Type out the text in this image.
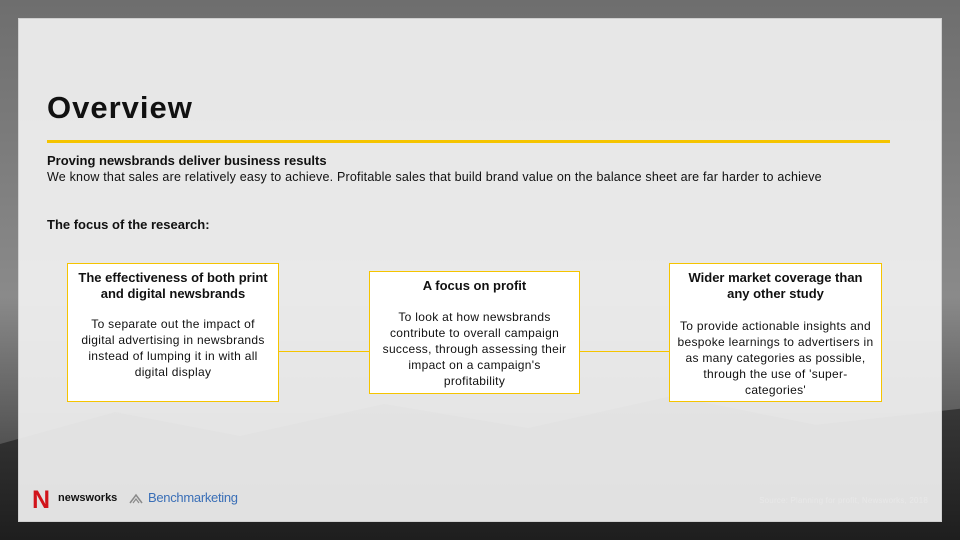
Overview
Proving newsbrands deliver business results
We know that sales are relatively easy to achieve. Profitable sales that build brand value on the balance sheet are far harder to achieve
The focus of the research:
The effectiveness of both print and digital newsbrands
To separate out the impact of digital advertising in newsbrands instead of lumping it in with all digital display
A focus on profit
To look at how newsbrands contribute to overall campaign success, through assessing their impact on a campaign's profitability
Wider market coverage than any other study
To provide actionable insights and bespoke learnings to advertisers in as many categories as possible, through the use of 'super-categories'
N newsworks Benchmarketing	Source: Planning for profit, Newsworks, 2018
